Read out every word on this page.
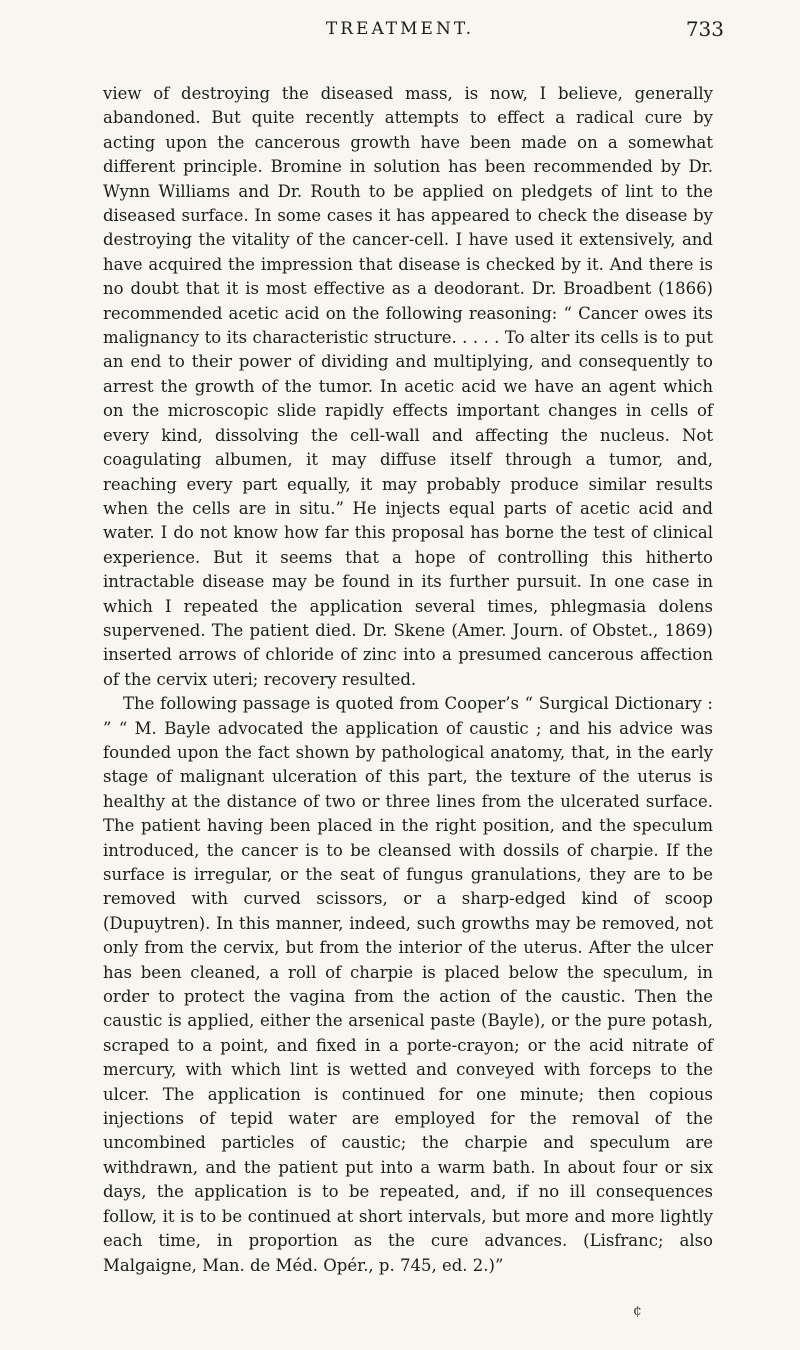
TREATMENT.	733

view of destroying the diseased mass, is now, I believe, generally abandoned. But quite recently attempts to effect a radical cure by acting upon the cancerous growth have been made on a somewhat different principle. Bromine in solution has been recommended by Dr. Wynn Williams and Dr. Routh to be applied on pledgets of lint to the diseased surface. In some cases it has appeared to check the disease by destroying the vitality of the cancer-cell. I have used it extensively, and have acquired the impression that disease is checked by it. And there is no doubt that it is most effective as a deodorant. Dr. Broadbent (1866) recommended acetic acid on the following reasoning: “ Cancer owes its malignancy to its characteristic structure. . . . . To alter its cells is to put an end to their power of dividing and multiplying, and consequently to arrest the growth of the tumor. In acetic acid we have an agent which on the microscopic slide rapidly effects important changes in cells of every kind, dissolving the cell-wall and affecting the nucleus. Not coagulating albumen, it may diffuse itself through a tumor, and, reaching every part equally, it may probably produce similar results when the cells are in situ.” He injects equal parts of acetic acid and water. I do not know how far this proposal has borne the test of clinical experience. But it seems that a hope of controlling this hitherto intractable disease may be found in its further pursuit. In one case in which I repeated the application several times, phlegmasia dolens supervened. The patient died. Dr. Skene (Amer. Journ. of Obstet., 1869) inserted arrows of chloride of zinc into a presumed cancerous affection of the cervix uteri; recovery resulted.

The following passage is quoted from Cooper’s “ Surgical Dictionary : ” “ M. Bayle advocated the application of caustic ; and his advice was founded upon the fact shown by pathological anatomy, that, in the early stage of malignant ulceration of this part, the texture of the uterus is healthy at the distance of two or three lines from the ulcerated surface. The patient having been placed in the right position, and the speculum introduced, the cancer is to be cleansed with dossils of charpie. If the surface is irregular, or the seat of fungus granulations, they are to be removed with curved scissors, or a sharp-edged kind of scoop (Dupuytren). In this manner, indeed, such growths may be removed, not only from the cervix, but from the interior of the uterus. After the ulcer has been cleaned, a roll of charpie is placed below the speculum, in order to protect the vagina from the action of the caustic. Then the caustic is applied, either the arsenical paste (Bayle), or the pure potash, scraped to a point, and fixed in a porte-crayon; or the acid nitrate of mercury, with which lint is wetted and conveyed with forceps to the ulcer. The application is continued for one minute; then copious injections of tepid water are employed for the removal of the uncombined particles of caustic; the charpie and speculum are withdrawn, and the patient put into a warm bath. In about four or six days, the application is to be repeated, and, if no ill consequences follow, it is to be continued at short intervals, but more and more lightly each time, in proportion as the cure advances. (Lisfranc; also Malgaigne, Man. de Méd. Opér., p. 745, ed. 2.)”

¢
